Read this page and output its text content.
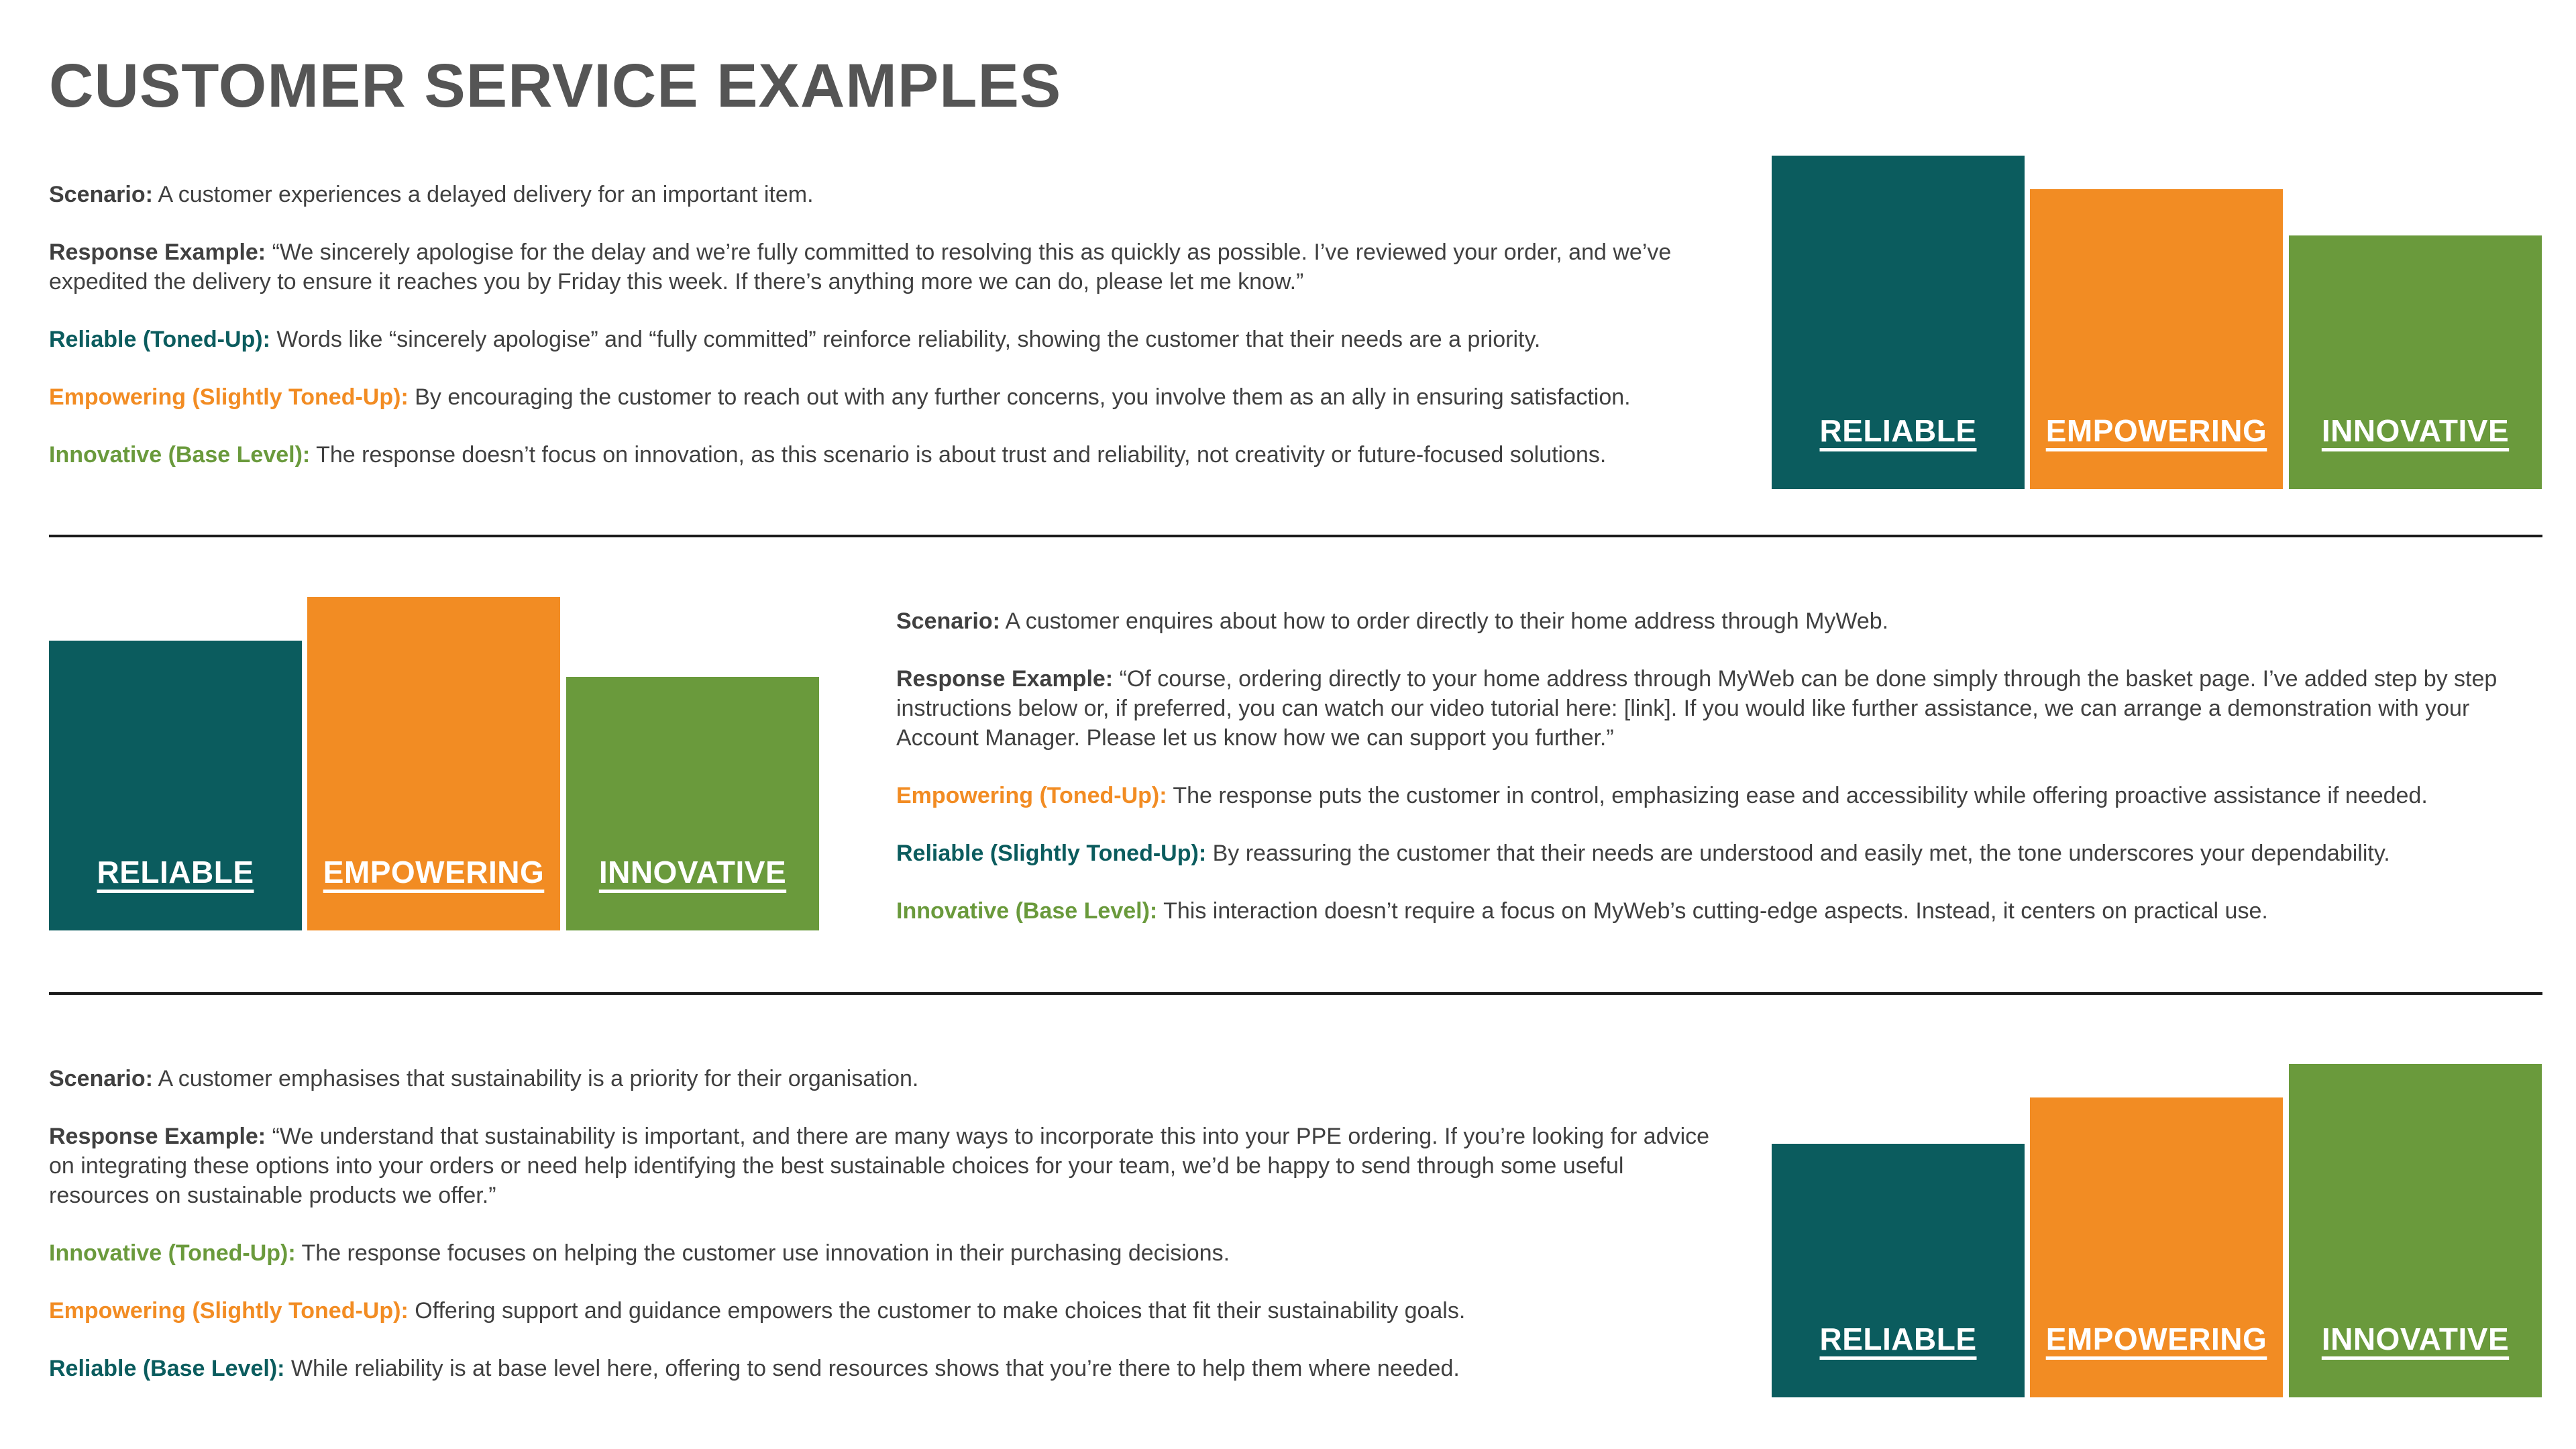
CUSTOMER SERVICE EXAMPLES

Scenario: A customer experiences a delayed delivery for an important item.

Response Example: “We sincerely apologise for the delay and we’re fully committed to resolving this as quickly as possible. I’ve reviewed your order, and we’ve expedited the delivery to ensure it reaches you by Friday this week. If there’s anything more we can do, please let me know.”

Reliable (Toned-Up): Words like “sincerely apologise” and “fully committed” reinforce reliability, showing the customer that their needs are a priority.

Empowering (Slightly Toned-Up): By encouraging the customer to reach out with any further concerns, you involve them as an ally in ensuring satisfaction.

Innovative (Base Level): The response doesn’t focus on innovation, as this scenario is about trust and reliability, not creativity or future-focused solutions.

RELIABLE	EMPOWERING	INNOVATIVE
RELIABLE	EMPOWERING	INNOVATIVE

Scenario: A customer enquires about how to order directly to their home address through MyWeb.

Response Example: “Of course, ordering directly to your home address through MyWeb can be done simply through the basket page. I’ve added step by step instructions below or, if preferred, you can watch our video tutorial here: [link]. If you would like further assistance, we can arrange a demonstration with your Account Manager. Please let us know how we can support you further.”

Empowering (Toned-Up): The response puts the customer in control, emphasizing ease and accessibility while offering proactive assistance if needed.

Reliable (Slightly Toned-Up): By reassuring the customer that their needs are understood and easily met, the tone underscores your dependability.

Innovative (Base Level): This interaction doesn’t require a focus on MyWeb’s cutting-edge aspects. Instead, it centers on practical use.

Scenario: A customer emphasises that sustainability is a priority for their organisation.

Response Example: “We understand that sustainability is important, and there are many ways to incorporate this into your PPE ordering. If you’re looking for advice on integrating these options into your orders or need help identifying the best sustainable choices for your team, we’d be happy to send through some useful resources on sustainable products we offer.”

Innovative (Toned-Up): The response focuses on helping the customer use innovation in their purchasing decisions.

Empowering (Slightly Toned-Up): Offering support and guidance empowers the customer to make choices that fit their sustainability goals.

Reliable (Base Level): While reliability is at base level here, offering to send resources shows that you’re there to help them where needed.

RELIABLE	EMPOWERING	INNOVATIVE
